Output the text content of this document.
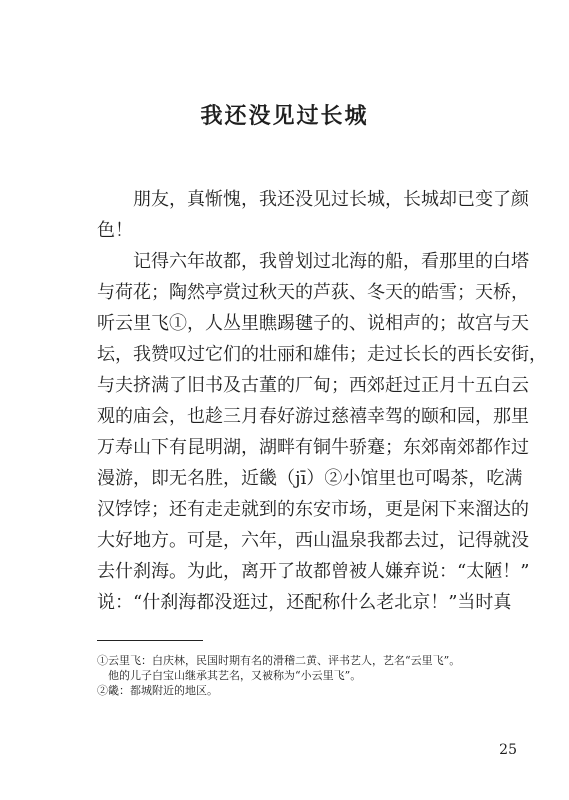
我还没见过长城
　　朋友，真惭愧，我还没见过长城，长城却已变了颜
色！
　　记得六年故都，我曾划过北海的船，看那里的白塔
与荷花；陶然亭赏过秋天的芦荻、冬天的皓雪；天桥，
听云里飞①，人丛里瞧踢毽子的、说相声的；故宫与天
坛，我赞叹过它们的壮丽和雄伟；走过长长的西长安街，
与夫挤满了旧书及古董的厂甸；西郊赶过正月十五白云
观的庙会，也趁三月春好游过慈禧幸驾的颐和园，那里
万寿山下有昆明湖，湖畔有铜牛骄蹇；东郊南郊都作过
漫游，即无名胜，近畿（jī）②小馆里也可喝茶，吃满
汉饽饽；还有走走就到的东安市场，更是闲下来溜达的
大好地方。可是，六年，西山温泉我都去过，记得就没
去什刹海。为此，离开了故都曾被人嫌弃说：“太陋！”
说：“什刹海都没逛过，还配称什么老北京！”当时真
①云里飞：白庆林，民国时期有名的滑稽二黄、评书艺人，艺名“云里飞”。
　他的儿子白宝山继承其艺名，又被称为“小云里飞”。
②畿：都城附近的地区。
25
